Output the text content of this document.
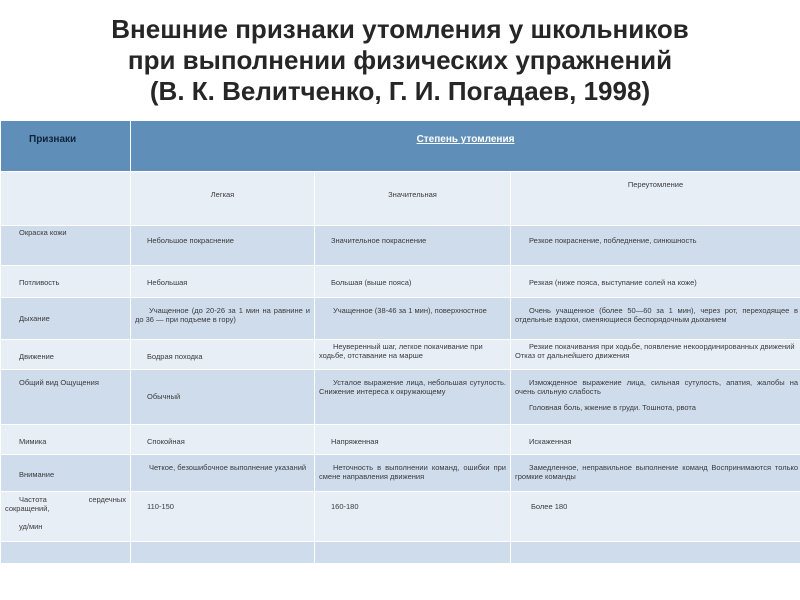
Внешние признаки утомления у школьников
при выполнении физических упражнений
(В. К. Велитченко, Г. И. Погадаев, 1998)
Признаки	Степень утомления		
	Легкая	Значительная	Переутомление
Окраска кожи	Небольшое покраснение	Значительное покраснение	Резкое покраснение, побледнение, синюшность
Потливость	Небольшая	Большая (выше пояса)	Резкая (ниже пояса, выступание солей на коже)
Дыхание	Учащенное (до 20-26 за 1 мин на равнине и до 36 — при подъеме в гору)	Учащенное (38-46 за 1 мин), поверхностное	Очень учащенное (более 50—60 за 1 мин), через рот, переходящее в отдельные вздохи, сменяющиеся беспорядочным дыханием

Движение	Бодрая походка	Неуверенный шаг, легкое покачивание при ходьбе, отставание на марше	Резкие покачивания при ходьбе, появление некоординированных движений Отказ от дальнейшего движения

Общий вид Ощущения	Обычный	Усталое выражение лица, небольшая сутулость. Снижение интереса к окружающему	Изможденное выражение лица, сильная сутулость, апатия, жалобы на очень сильную слабость
Головная боль, жжение в груди. Тошнота, рвота

Мимика	Спокойная	Напряженная	Искаженная
Внимание	Четкое, безошибочное выполнение указаний	Неточность в выполнении команд, ошибки при смене направления движения	Замедленное, неправильное выполнение команд Воспринимаются только громкие команды

Частота сердечных сокращений,
уд/мин	110-150	160-180	Более 180
